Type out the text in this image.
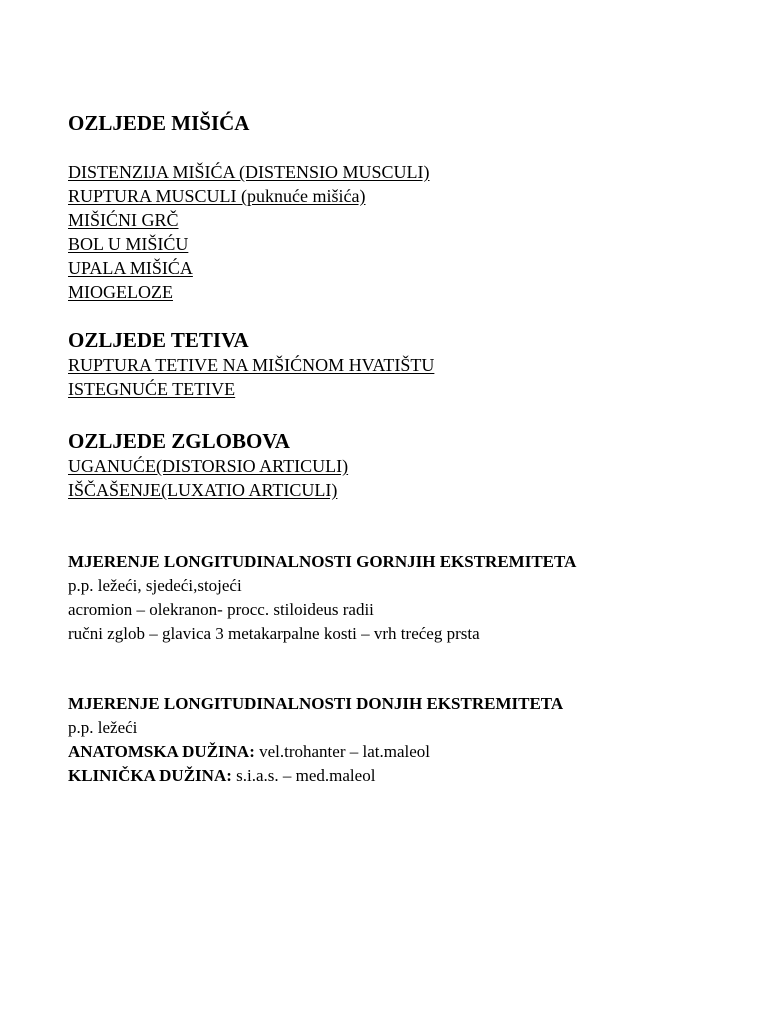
OZLJEDE MIŠIĆA
DISTENZIJA MIŠIĆA (DISTENSIO MUSCULI)
RUPTURA MUSCULI (puknuće mišića)
MIŠIĆNI GRČ
BOL U MIŠIĆU
UPALA MIŠIĆA
MIOGELOZE
OZLJEDE TETIVA
RUPTURA TETIVE NA MIŠIĆNOM HVATIŠTU
ISTEGNUĆE TETIVE
OZLJEDE ZGLOBOVA
UGANUĆE(DISTORSIO ARTICULI)
IŠČAŠENJE(LUXATIO ARTICULI)
MJERENJE LONGITUDINALNOSTI GORNJIH EKSTREMITETA
p.p. ležeći, sjedeći,stojeći
acromion – olekranon- procc. stiloideus radii
ručni zglob – glavica 3 metakarpalne kosti – vrh trećeg prsta
MJERENJE LONGITUDINALNOSTI DONJIH EKSTREMITETA
p.p. ležeći
ANATOMSKA DUŽINA: vel.trohanter – lat.maleol
KLINIČKA DUŽINA: s.i.a.s. – med.maleol
